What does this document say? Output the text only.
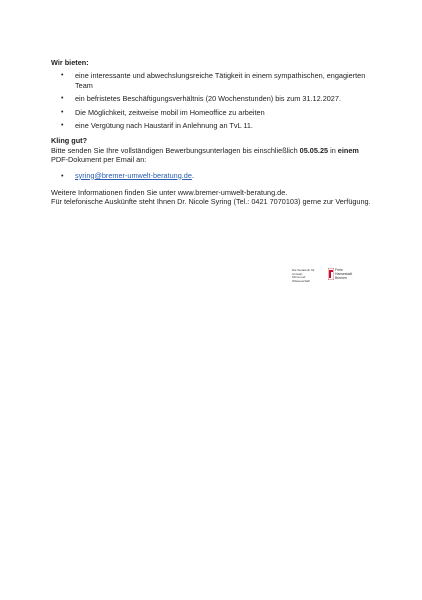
Wir bieten:
• eine interessante und abwechslungsreiche Tätigkeit in einem sympathischen, engagierten Team
• ein befristetes Beschäftigungsverhältnis (20 Wochenstunden) bis zum 31.12.2027.
• Die Möglichkeit, zeitweise mobil im Homeoffice zu arbeiten
• eine Vergütung nach Haustarif in Anlehnung an TvL 11.
Kling gut?
Bitte senden Sie Ihre vollständigen Bewerbungsunterlagen bis einschließlich 05.05.25 in einem PDF-Dokument per Email an:
• syring@bremer-umwelt-beratung.de.
Weitere Informationen finden Sie unter www.bremer-umwelt-beratung.de.
Für telefonische Auskünfte steht Ihnen Dr. Nicole Syring (Tel.: 0421 7070103) gerne zur Verfügung.
Die Senatorin für Umwelt,
Klima und Wissenschaft
Freie
Hansestadt
Bremen
